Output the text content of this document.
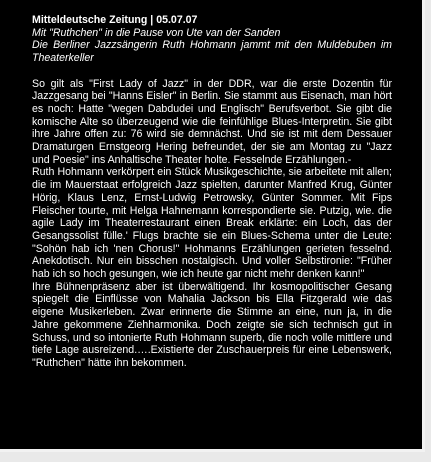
Mitteldeutsche Zeitung | 05.07.07

Mit "Ruthchen" in die Pause von Ute van der Sanden

Die Berliner Jazzsängerin Ruth Hohmann jammt mit den Muldebuben im Theaterkeller

So gilt als "First Lady of Jazz" in der DDR, war die erste Dozentin für Jazzgesang bei "Hanns Eisler" in Berlin. Sie stammt aus Eisenach, man hört es noch: Hatte "wegen Dabdudei und Englisch" Berufsverbot. Sie gibt die komische Alte so überzeugend wie die feinfühlige Blues-Interpretin. Sie gibt ihre Jahre offen zu: 76 wird sie demnächst. Und sie ist mit dem Dessauer Dramaturgen Ernstgeorg Hering befreundet, der sie am Montag zu "Jazz und Poesie" ins Anhaltische Theater holte. Fesselnde Erzählungen.-

Ruth Hohmann verkörpert ein Stück Musikgeschichte, sie arbeitete mit allen; die im Mauerstaat erfolgreich Jazz spielten, darunter Manfred Krug, Günter Hörig, Klaus Lenz, Ernst-Ludwig Petrowsky, Günter Sommer. Mit Fips Fleischer tourte, mit Helga Hahnemann korrespondierte sie. Putzig, wie. die agile Lady im Theaterrestaurant einen Break erklärte: ein Loch, das der Gesangssolist fülle.' Flugs brachte sie ein Blues-Schema unter die Leute: "Sohön hab ich 'nen Chorus!" Hohmanns Erzählungen gerieten fesselnd. Anekdotisch. Nur ein bisschen nostalgisch. Und voller Selbstironie: "Früher hab ich so hoch gesungen, wie ich heute gar nicht mehr denken kann!"

Ihre Bühnenpräsenz aber ist überwältigend. Ihr kosmopolitischer Gesang spiegelt die Einflüsse von Mahalia Jackson bis Ella Fitzgerald wie das eigene Musikerleben. Zwar erinnerte die Stimme an eine, nun ja, in die Jahre gekommene Ziehharmonika. Doch zeigte sie sich technisch gut in Schuss, und so intonierte Ruth Hohmann superb, die noch volle mittlere und tiefe Lage ausreizend.….Existierte der Zuschauerpreis für eine Lebenswerk, "Ruthchen" hätte ihn bekommen.
